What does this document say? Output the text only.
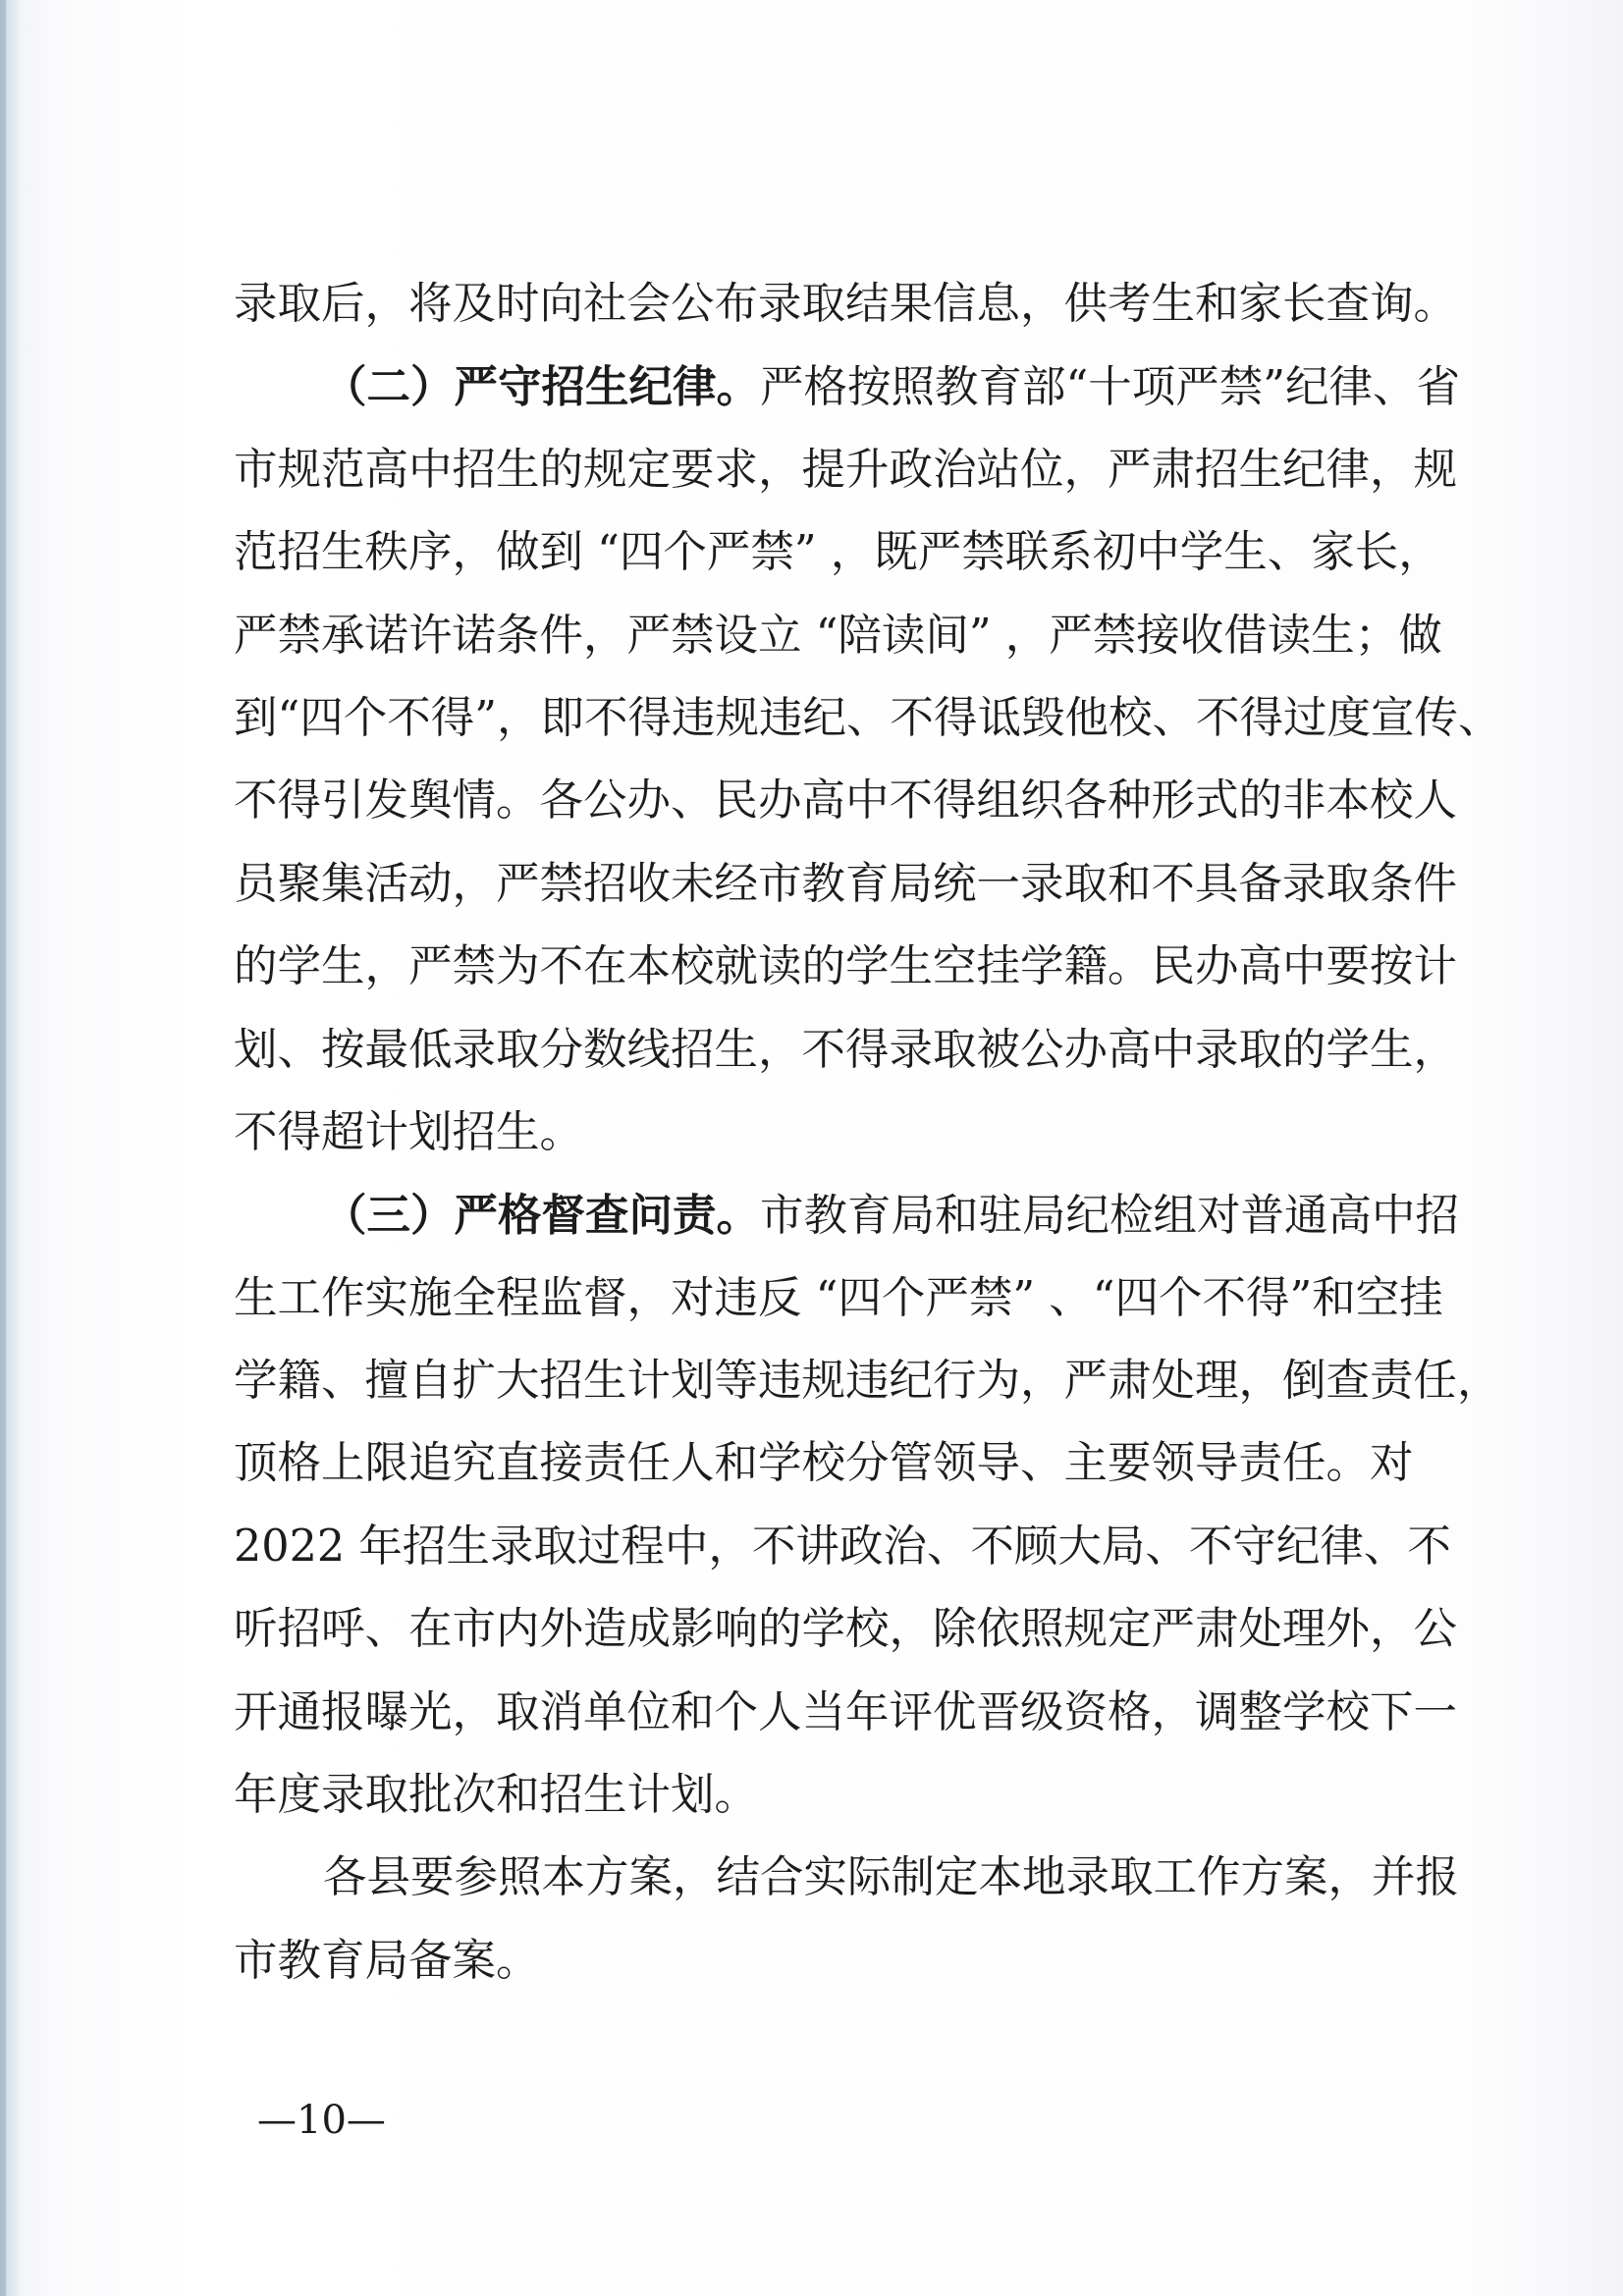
录取后，将及时向社会公布录取结果信息，供考生和家长查询。
（二）严守招生纪律。严格按照教育部“十项严禁”纪律、省
市规范高中招生的规定要求，提升政治站位，严肃招生纪律，规
范招生秩序，做到 “四个严禁” ，既严禁联系初中学生、家长，
严禁承诺许诺条件，严禁设立 “陪读间” ，严禁接收借读生；做
到“四个不得”，即不得违规违纪、不得诋毁他校、不得过度宣传、
不得引发舆情。各公办、民办高中不得组织各种形式的非本校人
员聚集活动，严禁招收未经市教育局统一录取和不具备录取条件
的学生，严禁为不在本校就读的学生空挂学籍。民办高中要按计
划、按最低录取分数线招生，不得录取被公办高中录取的学生，
不得超计划招生。
（三）严格督查问责。市教育局和驻局纪检组对普通高中招
生工作实施全程监督，对违反 “四个严禁” 、“四个不得”和空挂
学籍、擅自扩大招生计划等违规违纪行为，严肃处理，倒查责任，
顶格上限追究直接责任人和学校分管领导、主要领导责任。对
2022 年招生录取过程中，不讲政治、不顾大局、不守纪律、不
听招呼、在市内外造成影响的学校，除依照规定严肃处理外，公
开通报曝光，取消单位和个人当年评优晋级资格，调整学校下一
年度录取批次和招生计划。
各县要参照本方案，结合实际制定本地录取工作方案，并报
市教育局备案。
—10—
